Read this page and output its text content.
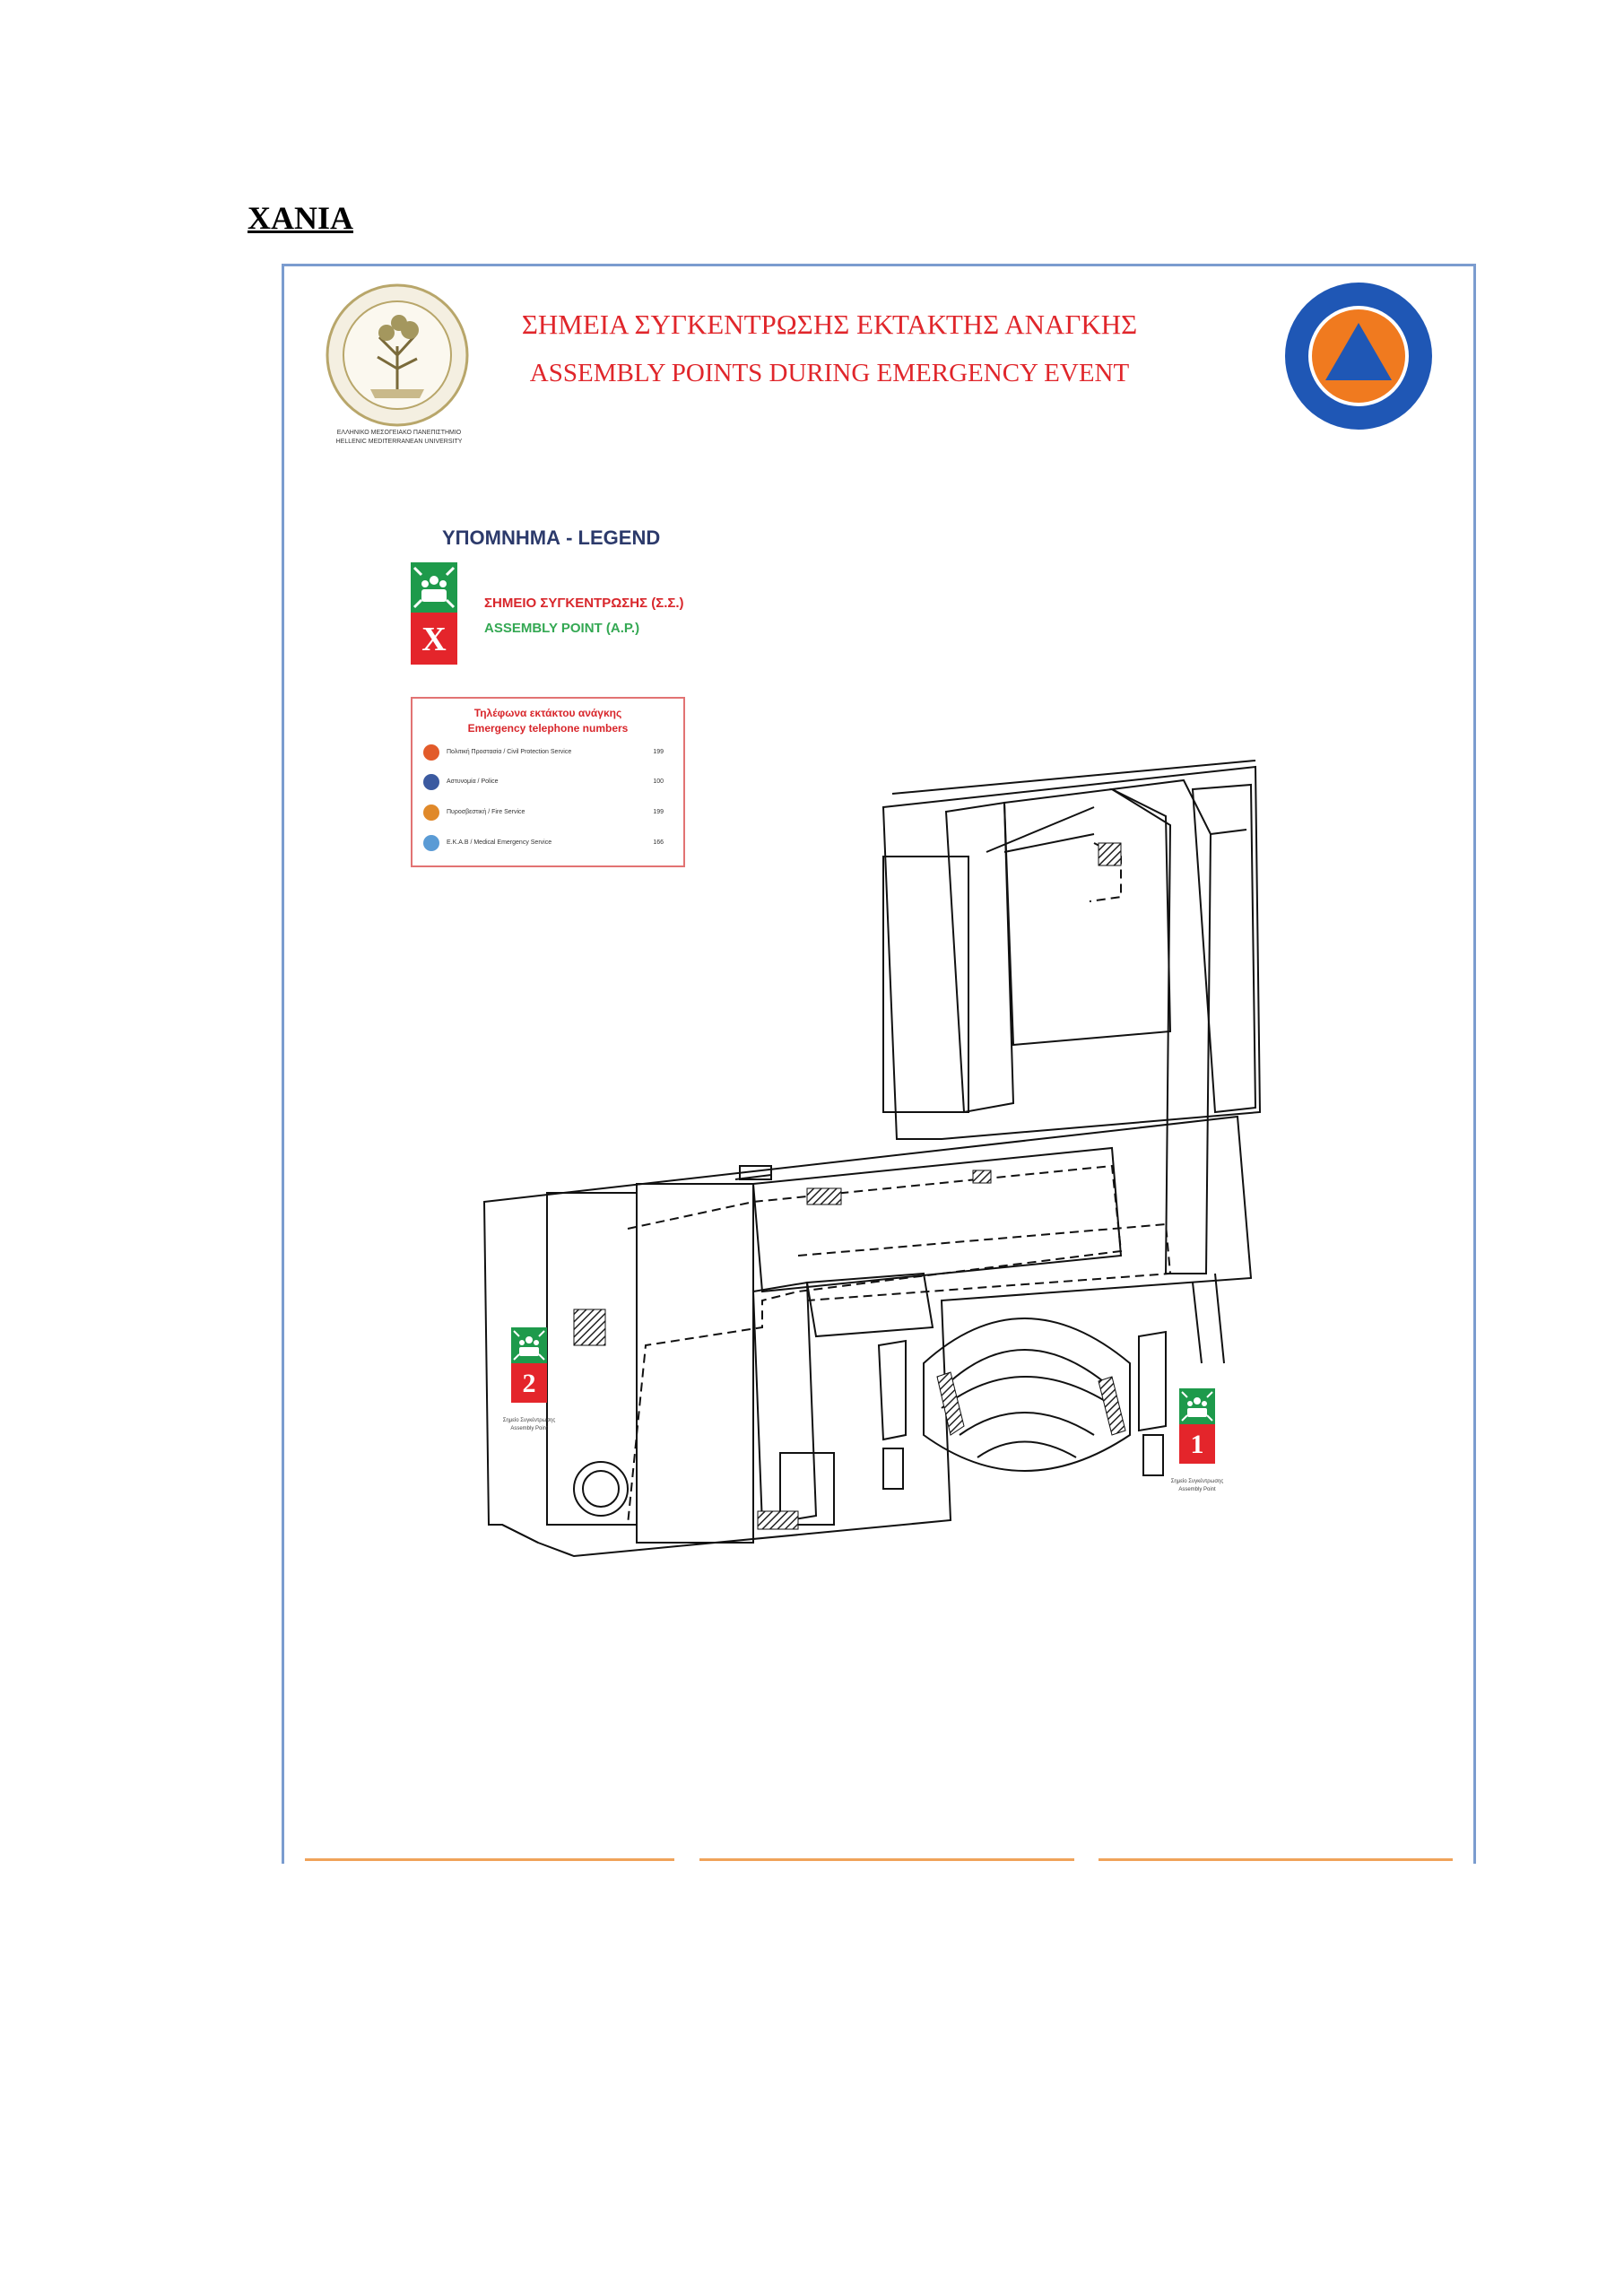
ΧΑΝΙΑ
ΕΛΛΗΝΙΚΟ ΜΕΣΟΓΕΙΑΚΟ ΠΑΝΕΠΙΣΤΗΜΙΟ
HELLENIC MEDITERRANEAN UNIVERSITY
ΣΗΜΕΙΑ ΣΥΓΚΕΝΤΡΩΣΗΣ ΕΚΤΑΚΤΗΣ ΑΝΑΓΚΗΣ
ASSEMBLY POINTS DURING EMERGENCY EVENT
ΥΠΟΜΝΗΜΑ - LEGEND
X
ΣΗΜΕΙΟ ΣΥΓΚΕΝΤΡΩΣΗΣ (Σ.Σ.)
ASSEMBLY POINT (A.P.)
Τηλέφωνα εκτάκτου ανάγκης
Emergency telephone numbers
Πολιτική Προστασία / Civil Protection Service	199
Αστυνομία / Police	100
Πυροσβεστική / Fire Service	199
Ε.Κ.Α.Β / Medical Emergency Service	166
2
Σημείο Συγκέντρωσης
Assembly Point
1
Σημείο Συγκέντρωσης
Assembly Point
